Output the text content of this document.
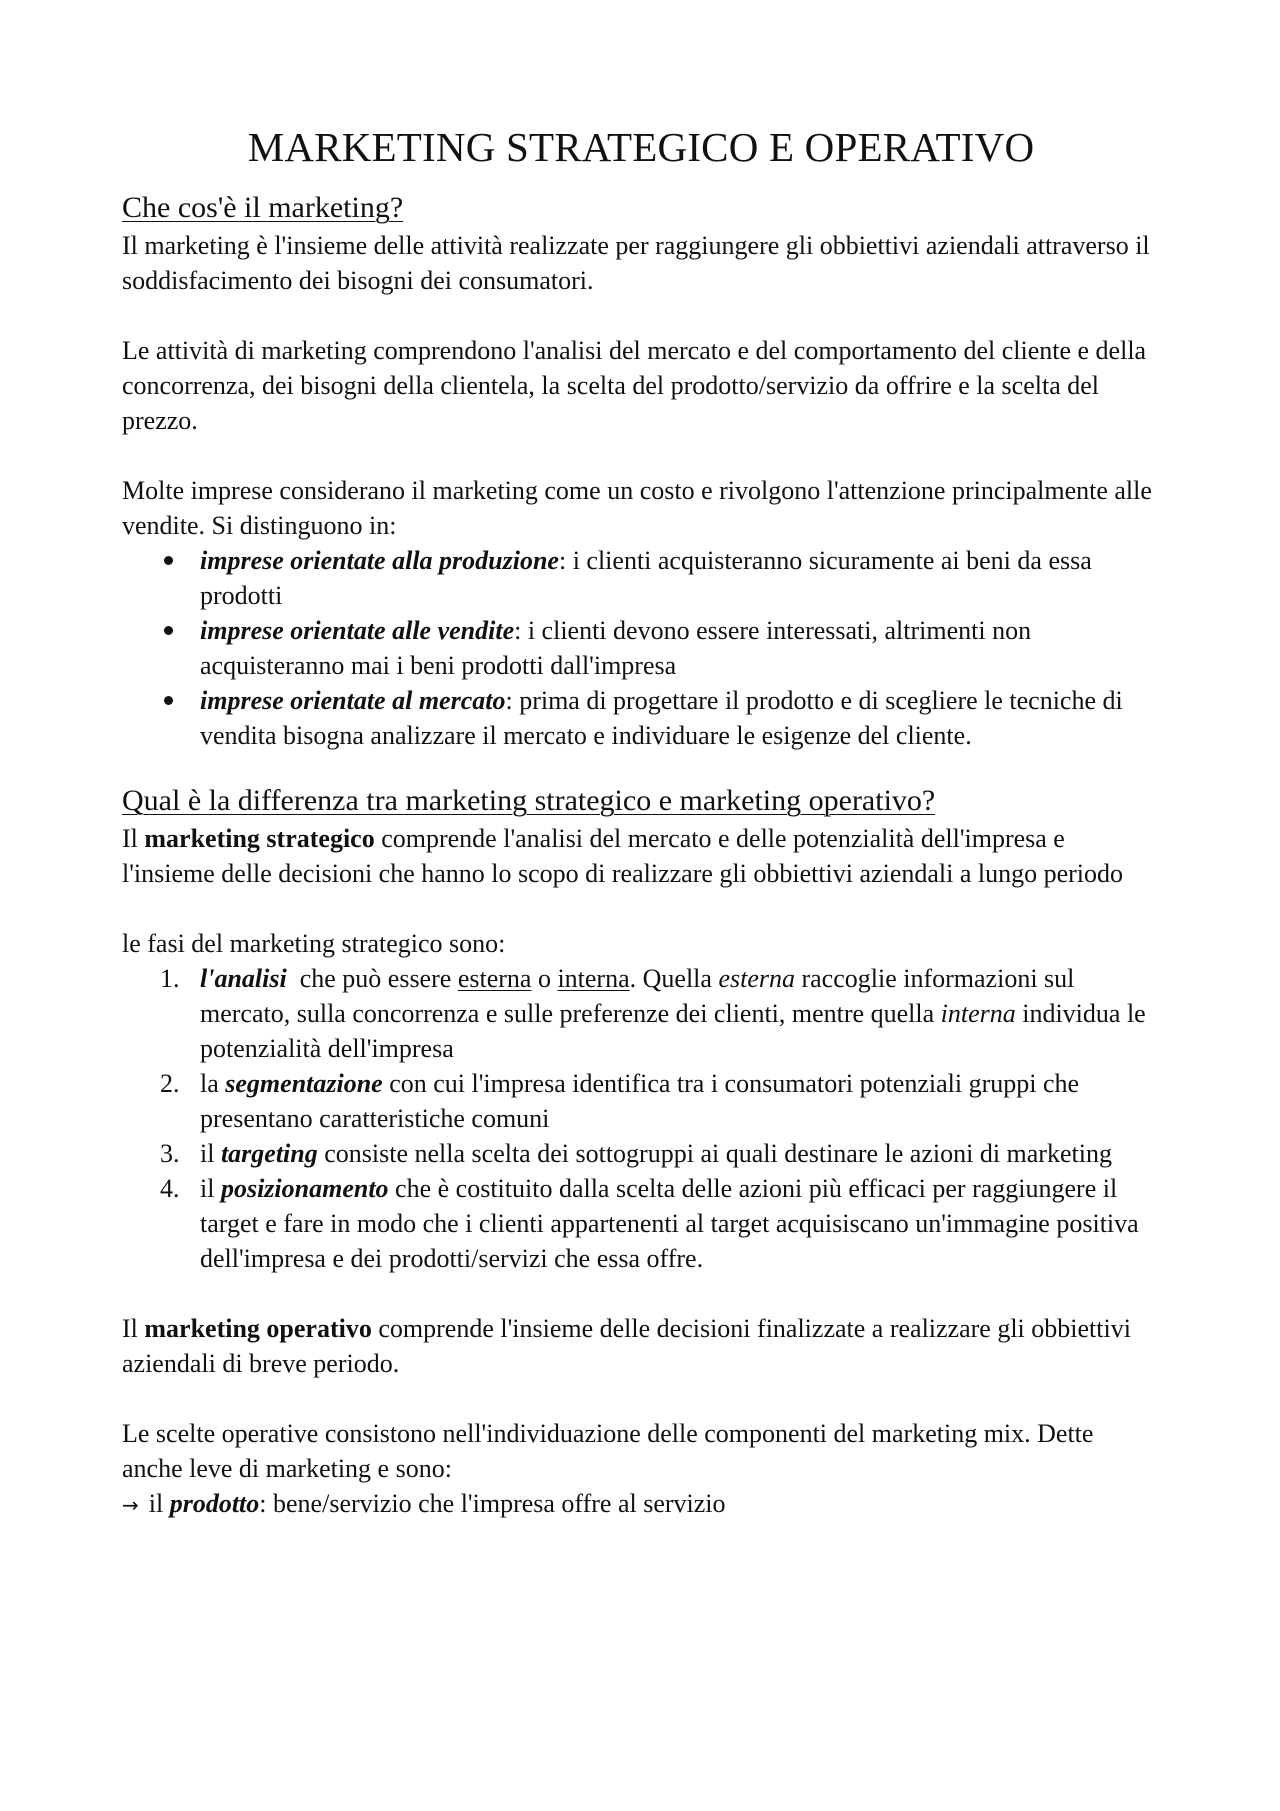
MARKETING STRATEGICO E OPERATIVO
Che cos'è il marketing?

Il marketing è l'insieme delle attività realizzate per raggiungere gli obbiettivi aziendali attraverso il soddisfacimento dei bisogni dei consumatori.

Le attività di marketing comprendono l'analisi del mercato e del comportamento del cliente e della concorrenza, dei bisogni della clientela, la scelta del prodotto/servizio da offrire e la scelta del prezzo.

Molte imprese considerano il marketing come un costo e rivolgono l'attenzione principalmente alle vendite. Si distinguono in:

imprese orientate alla produzione: i clienti acquisteranno sicuramente ai beni da essa prodotti
imprese orientate alle vendite: i clienti devono essere interessati, altrimenti non acquisteranno mai i beni prodotti dall'impresa
imprese orientate al mercato: prima di progettare il prodotto e di scegliere le tecniche di vendita bisogna analizzare il mercato e individuare le esigenze del cliente.
Qual è la differenza tra marketing strategico e marketing operativo?

Il marketing strategico comprende l'analisi del mercato e delle potenzialità dell'impresa e l'insieme delle decisioni che hanno lo scopo di realizzare gli obbiettivi aziendali a lungo periodo

le fasi del marketing strategico sono:

1. l'analisi  che può essere esterna o interna. Quella esterna raccoglie informazioni sul mercato, sulla concorrenza e sulle preferenze dei clienti, mentre quella interna individua le potenzialità dell'impresa
2. la segmentazione con cui l'impresa identifica tra i consumatori potenziali gruppi che presentano caratteristiche comuni
3. il targeting consiste nella scelta dei sottogruppi ai quali destinare le azioni di marketing
4. il posizionamento che è costituito dalla scelta delle azioni più efficaci per raggiungere il target e fare in modo che i clienti appartenenti al target acquisiscano un'immagine positiva dell'impresa e dei prodotti/servizi che essa offre.

Il marketing operativo comprende l'insieme delle decisioni finalizzate a realizzare gli obbiettivi aziendali di breve periodo.

Le scelte operative consistono nell'individuazione delle componenti del marketing mix. Dette anche leve di marketing e sono:

→ il prodotto: bene/servizio che l'impresa offre al servizio
